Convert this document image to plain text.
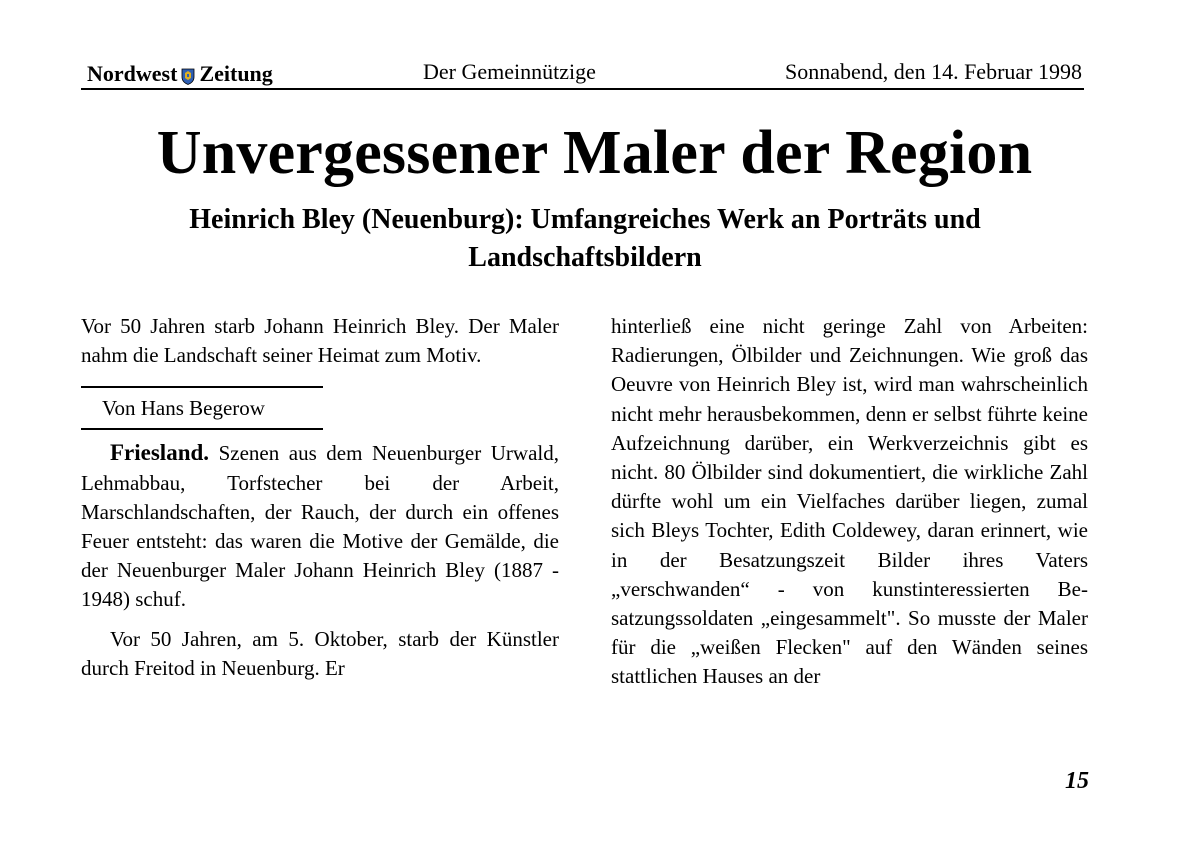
Nordwest Zeitung	Der Gemeinnützige	Sonnabend, den 14. Februar 1998
Unvergessener Maler der Region
Heinrich Bley (Neuenburg): Umfangreiches Werk an Porträts und Landschaftsbildern

Vor 50 Jahren starb Johann Heinrich Bley. Der Maler nahm die Landschaft seiner Heimat zum Motiv.

Von Hans Begerow

Friesland. Szenen aus dem Neuenburger Urwald, Lehmabbau, Torfstecher bei der Arbeit, Marschlandschaften, der Rauch, der durch ein offenes Feuer entsteht: das waren die Motive der Gemälde, die der Neuenburger Maler Johann Heinrich Bley (1887 - 1948) schuf.

Vor 50 Jahren, am 5. Oktober, starb der Künstler durch Freitod in Neuenburg. Er

hinterließ eine nicht geringe Zahl von Arbeiten: Radierungen, Ölbilder und Zeichnungen. Wie groß das Oeuvre von Heinrich Bley ist, wird man wahrscheinlich nicht mehr herausbekommen, denn er selbst führte keine Aufzeichnung darüber, ein Werkverzeichnis gibt es nicht. 80 Ölbilder sind dokumentiert, die wirkliche Zahl dürfte wohl um ein Vielfaches darüber liegen, zumal sich Bleys Tochter, Edith Coldewey, daran erinnert, wie in der Besatzungszeit Bilder ihres Vaters „verschwanden“ - von kunstinteressierten Besatzungssoldaten „eingesammelt". So musste der Maler für die „weißen Flecken" auf den Wänden seines stattlichen Hauses an der

15
